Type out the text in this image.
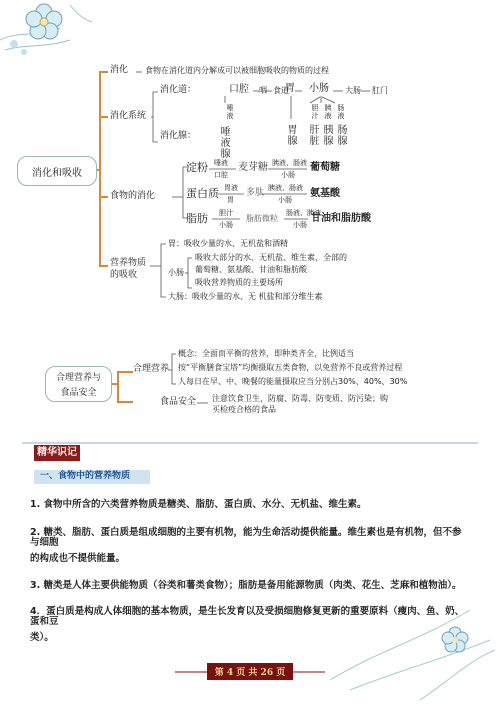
消化和吸收
消化 食物在消化道内分解成可以被细胞吸收的物质的过程
消化系统
消化道：	口腔 咽 食道
胃 小肠 大肠 肛门
唾液	胆汁 胰液 肠液
消化腺： 唾液腺	胃腺 肝脏 胰腺 肠腺
食物的消化
淀粉 唾液
口腔
麦芽糖 胰液、肠液
小肠
葡萄糖
蛋白质 胃液
胃
多肽 胰液、肠液
小肠
氨基酸
脂肪 胆汁
小肠
脂肪微粒
肠液、胰液
小肠
甘油和脂肪酸
营养物质
的吸收
胃：吸收少量的水、无机盐和酒精
小肠
吸收大部分的水、无机盐、维生素，全部的
葡萄糖、氨基酸、甘油和脂肪酸
吸收营养物质的主要场所
大肠：吸收少量的水、无 机盐和部分维生素
合理营养与
食品安全
合理营养
概念：全面而平衡的营养，即种类齐全，比例适当
按“平衡膳食宝塔”均衡摄取五类食物，以免营养不良或营养过程
人每日在早、中、晚餐的能量摄取应当分别占30%、40%、30%
食品安全 注意饮食卫生，防腐、防毒、防变质、防污染；购
买检疫合格的食品
精华识记
一、食物中的营养物质
1. 食物中所含的六类营养物质是糖类、脂肪、蛋白质、水分、无机盐、维生素。
2. 糖类、脂肪、蛋白质是组成细胞的主要有机物，能为生命活动提供能量。维生素也是有机物，但不参与细胞
的构成也不提供能量。
3. 糖类是人体主要供能物质（谷类和薯类食物）；脂肪是备用能源物质（肉类、花生、芝麻和植物油）。
4．蛋白质是构成人体细胞的基本物质，是生长发育以及受损细胞修复更新的重要原料（瘦肉、鱼、奶、蛋和豆
类）。
第 4 页 共 26 页
